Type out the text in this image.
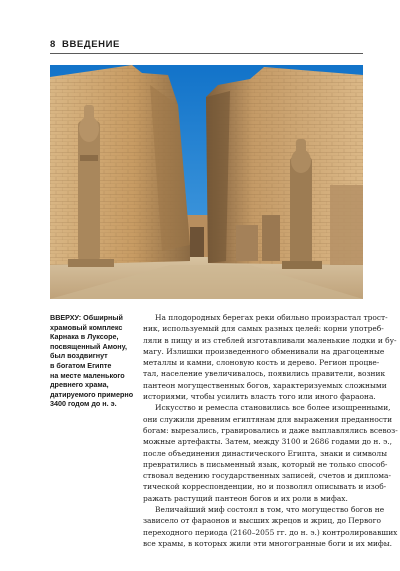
8 ВВЕДЕНИЕ
ВВЕРХУ: Обширный
храмовый комплекс
Карнака в Луксоре,
посвященный Амону,
был воздвигнут
в богатом Египте
на месте маленького
древнего храма,
датируемого примерно
3400 годом до н. э.
На плодородных берегах реки обильно произрастал трост-
ник, используемый для самых разных целей: корни употреб-
ляли в пищу и из стеблей изготавливали маленькие лодки и бу-
магу. Излишки произведенного обменивали на драгоценные
металлы и камни, слоновую кость и дерево. Регион процве-
тал, население увеличивалось, появились правители, возник
пантеон могущественных богов, характеризуемых сложными
историями, чтобы усилить власть того или иного фараона.
Искусство и ремесла становились все более изощренными,
они служили древним египтянам для выражения преданности
богам: вырезались, гравировались и даже выплавлялись всевоз-
можные артефакты. Затем, между 3100 и 2686 годами до н. э.,
после объединения династического Египта, знаки и символы
превратились в письменный язык, который не только способ-
ствовал ведению государственных записей, счетов и диплома-
тической корреспонденции, но и позволял описывать и изоб-
ражать растущий пантеон богов и их роли в мифах.
Величайший миф состоял в том, что могущество богов не
зависело от фараонов и высших жрецов и жриц, до Первого
переходного периода (2160–2055 гг. до н. э.) контролировавших
все храмы, в которых жили эти многогранные боги и их мифы.
